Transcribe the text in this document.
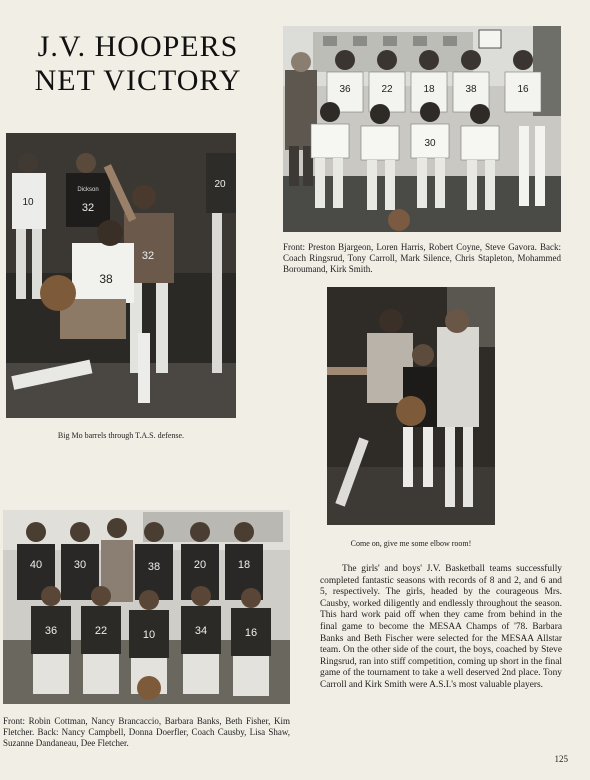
J.V. HOOPERS
NET VICTORY	36	22	18	38	16
30
Front: Preston Bjargeon, Loren Harris, Robert Coyne, Steve Gavora. Back: Coach Ringsrud, Tony Carroll, Mark Silence, Chris Stapleton, Mohammed Boroumand, Kirk Smith.
10
Dickson
32
20
38
32
Big Mo barrels through T.A.S. defense.
Come on, give me some elbow room!
40	30	38	20	18
36	22	10	34	16
Front: Robin Cottman, Nancy Brancaccio, Barbara Banks, Beth Fisher, Kim Fletcher. Back: Nancy Campbell, Donna Doerfler, Coach Causby, Lisa Shaw, Suzanne Dandaneau, Dee Fletcher.
The girls' and boys' J.V. Basketball teams successfully completed fantastic seasons with records of 8 and 2, and 6 and 5, respectively. The girls, headed by the courageous Mrs. Causby, worked diligently and endlessly throughout the season. This hard work paid off when they came from behind in the final game to become the MESAA Champs of '78. Barbara Banks and Beth Fischer were selected for the MESAA Allstar team. On the other side of the court, the boys, coached by Steve Ringsrud, ran into stiff competition, coming up short in the final game of the tournament to take a well deserved 2nd place. Tony Carroll and Kirk Smith were A.S.I.'s most valuable players.
125
